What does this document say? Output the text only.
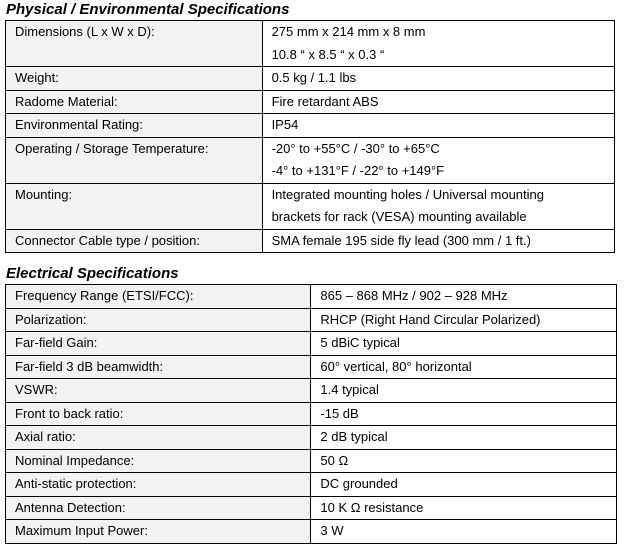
Physical / Environmental Specifications
Dimensions (L x W x D):	275 mm x 214 mm x 8 mm
10.8 “ x 8.5 “ x 0.3 “

Weight:	0.5 kg / 1.1 lbs

Radome Material:	Fire retardant ABS

Environmental Rating:	IP54

Operating / Storage Temperature:	-20° to +55°C / -30° to +65°C
-4° to +131°F / -22° to +149°F

Mounting:	Integrated mounting holes / Universal mounting
brackets for rack (VESA) mounting available

Connector Cable type / position:	SMA female 195 side fly lead (300 mm / 1 ft.)
Electrical Specifications
Frequency Range (ETSI/FCC):	865 – 868 MHz / 902 – 928 MHz
Polarization:	RHCP (Right Hand Circular Polarized)
Far-field Gain:	5 dBiC typical
Far-field 3 dB beamwidth:	60° vertical, 80° horizontal
VSWR:	1.4 typical
Front to back ratio:	-15 dB
Axial ratio:	2 dB typical
Nominal Impedance:	50 Ω
Anti-static protection:	DC grounded
Antenna Detection:	10 K Ω resistance
Maximum Input Power:	3 W
